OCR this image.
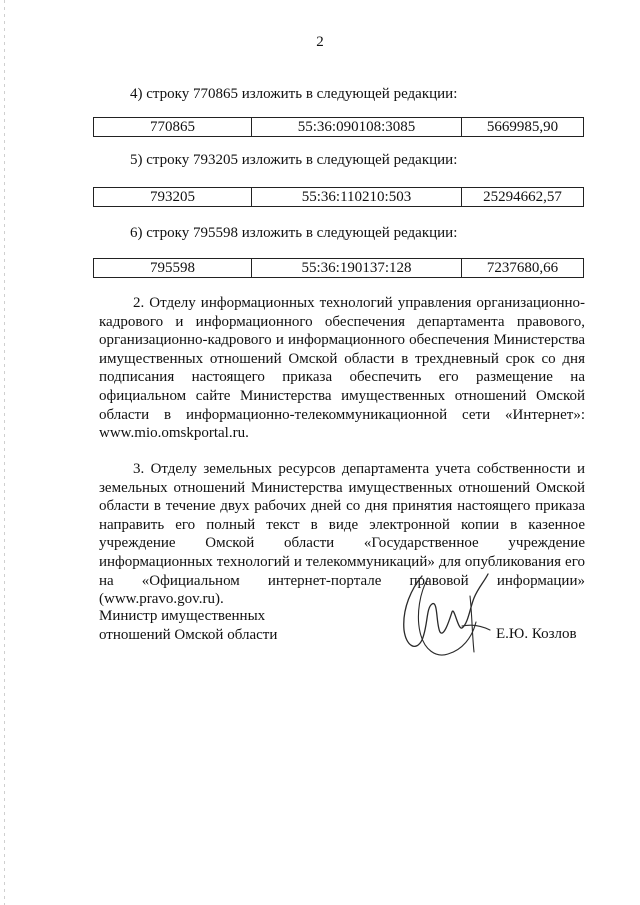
2
4) строку 770865 изложить в следующей редакции:
770865	55:36:090108:3085	5669985,90
5) строку 793205 изложить в следующей редакции:
793205	55:36:110210:503	25294662,57
6) строку 795598 изложить в следующей редакции:
795598	55:36:190137:128	7237680,66

2. Отделу информационных технологий управления организационно-кадрового и информационного обеспечения департамента правового, организационно-кадрового и информационного обеспечения Министерства имущественных отношений Омской области в трехдневный срок со дня подписания настоящего приказа обеспечить его размещение на официальном сайте Министерства имущественных отношений Омской области в информационно-телекоммуникационной сети «Интернет»: www.mio.omskportal.ru.

3. Отделу земельных ресурсов департамента учета собственности и земельных отношений Министерства имущественных отношений Омской области в течение двух рабочих дней со дня принятия настоящего приказа направить его полный текст в виде электронной копии в казенное учреждение Омской области «Государственное учреждение информационных технологий и телекоммуникаций» для опубликования его на «Официальном интернет-портале правовой информации» (www.pravo.gov.ru).

Министр имущественных
отношений Омской области	Е.Ю. Козлов
